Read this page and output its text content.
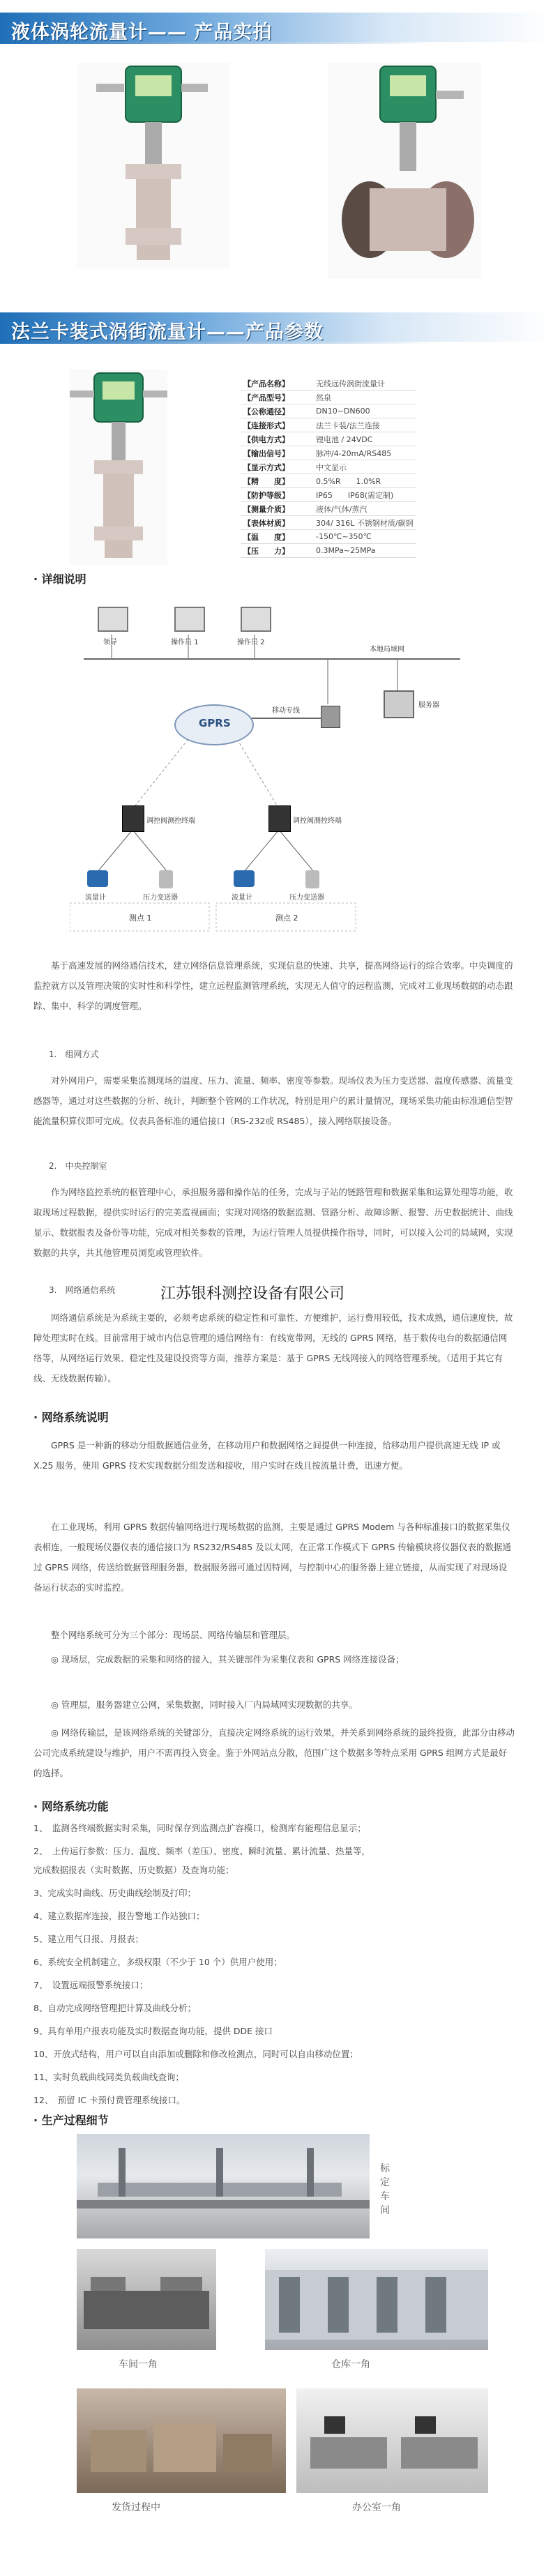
液体涡轮流量计—— 产品实拍
法兰卡装式涡街流量计——产品参数
【产品名称】	无线远传涡街流量计
【产品型号】	然泉
【公称通径】	DN10~DN600
【连接形式】	法兰卡装/法兰连接
【供电方式】	锂电池 / 24VDC
【输出信号】	脉冲/4-20mA/RS485
【显示方式】	中文显示
【精　　度】	0.5%R　　1.0%R
【防护等级】	IP65　　IP68(需定制)
【测量介质】	液体/气体/蒸汽
【表体材质】	304/ 316L 不锈钢材质/碳钢
【温　　度】	-150℃~350℃
【压　　力】	0.3MPa~25MPa
· 详细说明
领导	操作员 1	操作员 2
本地局域网
服务器
移动专线
GPRS
调控阀测控终端	调控阀测控终端
流量计	压力变送器	流量计	压力变送器
测点 1	测点 2
基于高速发展的网络通信技术，建立网络信息管理系统，实现信息的快速、共享，提高网络运行的综合效率。中央调度的监控就方以及管理决策的实时性和科学性，建立远程监测管理系统，实现无人值守的远程监测，完成对工业现场数据的动态跟踪、集中、科学的调度管理。
1.　组网方式
对外网用户，需要采集监测现场的温度、压力、流量、频率、密度等参数。现场仪表为压力变送器、温度传感器、流量变感器等，通过对这些数据的分析、统计，判断整个管网的工作状况，特别是用户的累计量情况，现场采集功能由标准通信型智能流量积算仪即可完成。仪表具备标准的通信接口（RS-232或 RS485），接入网络联接设备。
2.　中央控制室
作为网络监控系统的枢管理中心，承担服务器和操作站的任务，完成与子站的链路管理和数据采集和运算处理等功能，收取现场过程数据，提供实时运行的完美监视画面；实现对网络的数据监测、管路分析、故障诊断、报警、历史数据统计、曲线显示、数据报表及备份等功能，完成对相关参数的管理，为运行管理人员提供操作指导，同时，可以接入公司的局域网，实现数据的共享，共其他管理员浏览或管理软件。
江苏银科测控设备有限公司
3.　网络通信系统
网络通信系统是为系统主要的，必须考虑系统的稳定性和可靠性、方便维护，运行费用较低，技术成熟，通信速度快，故障处理实时在线。目前常用于城市内信息管理的通信网络有：有线宽带网，无线的 GPRS 网络，基于数传电台的数据通信网络等，从网络运行效果、稳定性及建设投资等方面，推荐方案是：基于 GPRS 无线网接入的网络管理系统。（适用于其它有线、无线数据传输）。
· 网络系统说明
GPRS 是一种新的移动分组数据通信业务，在移动用户和数据网络之间提供一种连接，给移动用户提供高速无线 IP 或 X.25 服务，使用 GPRS 技术实现数据分组发送和接收，用户实时在线且按流量计费，迅速方便。
在工业现场，利用 GPRS 数据传输网络进行现场数据的监测，主要是通过 GPRS Modem 与各种标准接口的数据采集仪表相连，一般现场仪器仪表的通信接口为 RS232/RS485 及以太网，在正常工作模式下 GPRS 传输模块将仪器仪表的数据通过 GPRS 网络，传送给数据管理服务器，数据服务器可通过因特网，与控制中心的服务器上建立链接，从而实现了对现场设备运行状态的实时监控。
整个网络系统可分为三个部分：现场层、网络传输层和管理层。
◎ 现场层，完成数据的采集和网络的接入，其关键部件为采集仪表和 GPRS 网络连接设备；
◎ 管理层，服务器建立公网，采集数据，同时接入厂内局域网实现数据的共享。
◎ 网络传输层，是该网络系统的关键部分，直接决定网络系统的运行效果，并关系到网络系统的最终投资，此部分由移动公司完成系统建设与维护，用户不需再投入资金。鉴于外网站点分散，范围广这个数据多等特点采用 GPRS 组网方式是最好的选择。
· 网络系统功能
1、　监测各终端数据实时采集，同时保存到监测点扩容模口，检测库有能理信息显示；
2、　上传运行参数：压力、温度、频率（差压）、密度、瞬时流量、累计流量、热量等，
完成数据报表（实时数据、历史数据）及查询功能；
3、完成实时曲线、历史曲线绘制及打印；
4、建立数据库连接，报告警地工作站独口；
5、建立用气日报、月报表；
6、系统安全机制建立，多级权限（不少于 10 个）供用户使用；
7、　设置远端报警系统接口；
8、自动完成网络管理把计算及曲线分析；
9、具有单用户报表功能及实时数据查询功能，提供 DDE 接口
10、开放式结构，用户可以自由添加或删除和修改检测点，同时可以自由移动位置；
11、实时负载曲线同类负载曲线查询；
12、　预留 IC 卡预付费管理系统接口。
· 生产过程细节
标
定
车
间
车间一角	仓库一角
发货过程中	办公室一角
